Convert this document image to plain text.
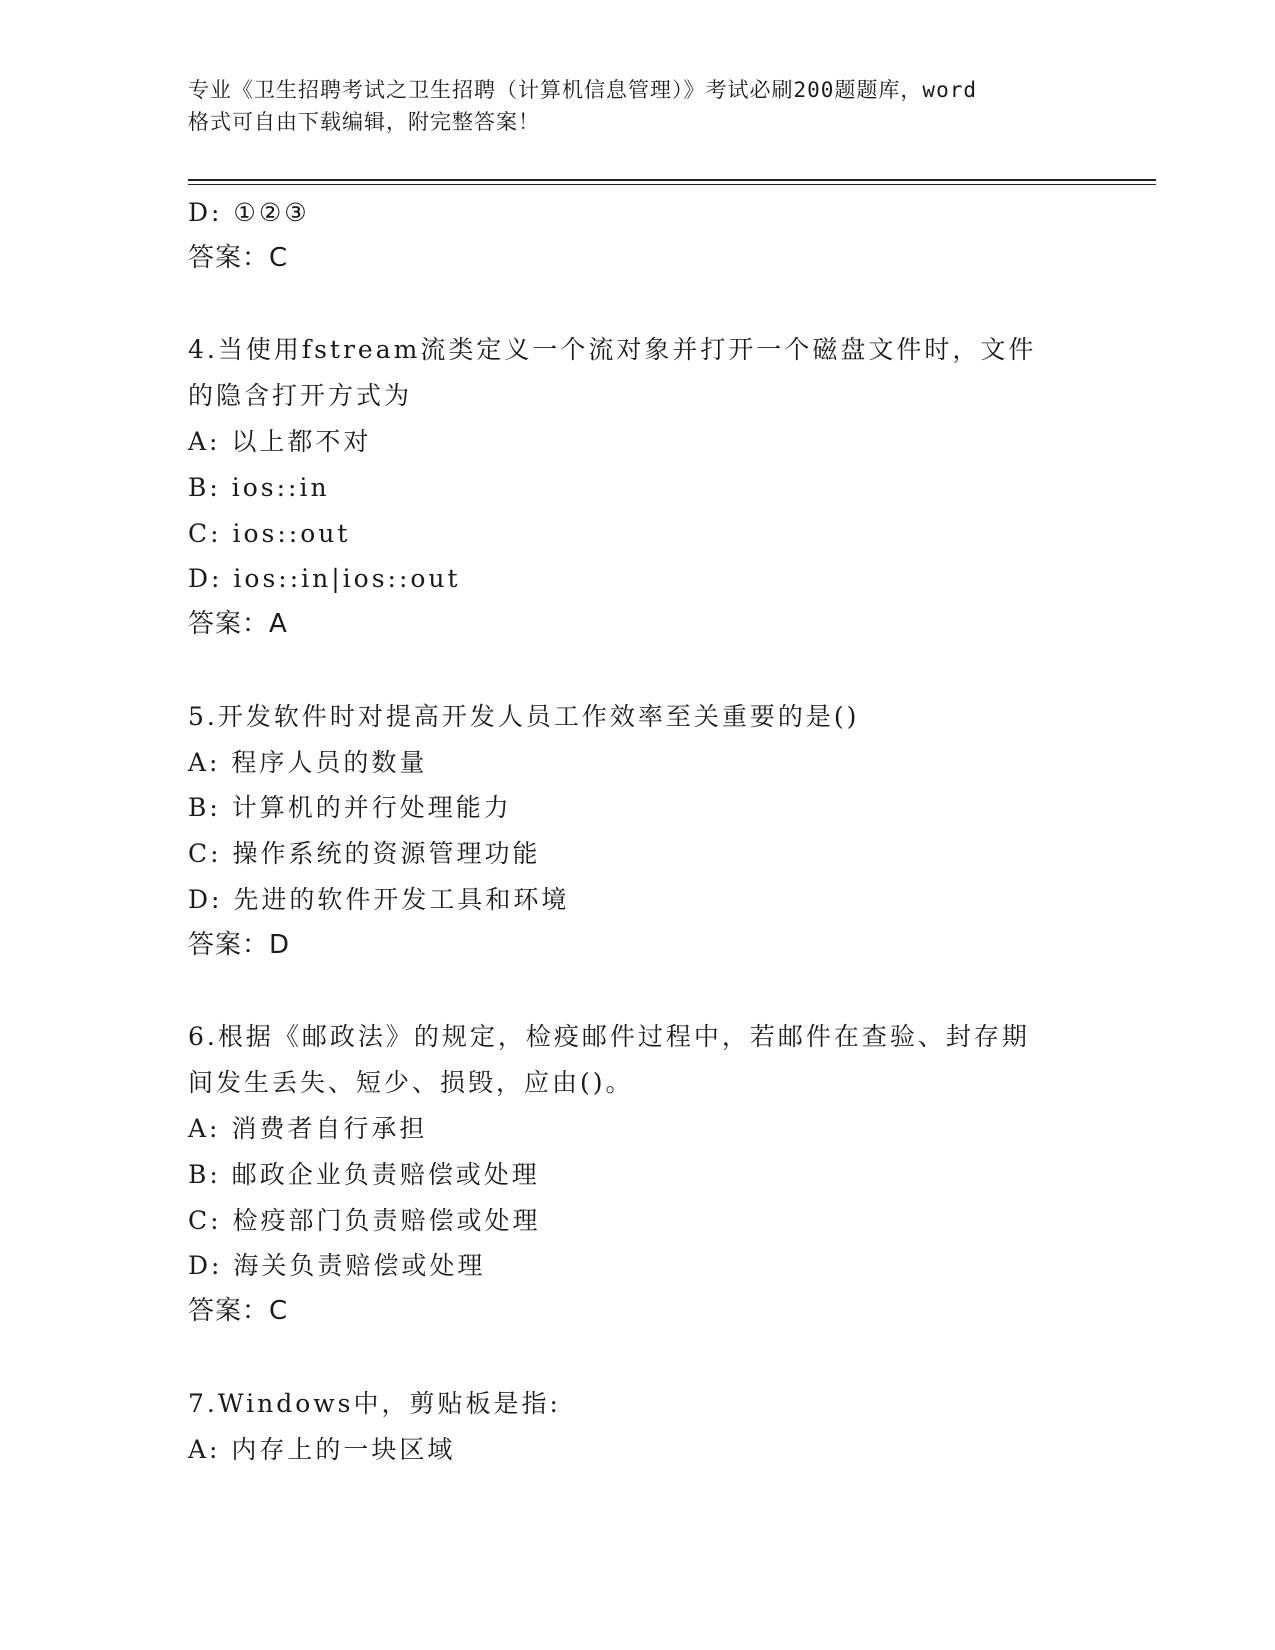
专业《卫生招聘考试之卫生招聘（计算机信息管理）》考试必刷200题题库，word
格式可自由下载编辑，附完整答案！
D: ①②③
答案：C
4.当使用fstream流类定义一个流对象并打开一个磁盘文件时，文件
的隐含打开方式为
A: 以上都不对
B: ios::in
C: ios::out
D: ios::in|ios::out
答案：A
5.开发软件时对提高开发人员工作效率至关重要的是()
A: 程序人员的数量
B: 计算机的并行处理能力
C: 操作系统的资源管理功能
D: 先进的软件开发工具和环境
答案：D
6.根据《邮政法》的规定，检疫邮件过程中，若邮件在查验、封存期
间发生丢失、短少、损毁，应由()。
A: 消费者自行承担
B: 邮政企业负责赔偿或处理
C: 检疫部门负责赔偿或处理
D: 海关负责赔偿或处理
答案：C
7.Windows中，剪贴板是指:
A: 内存上的一块区域
